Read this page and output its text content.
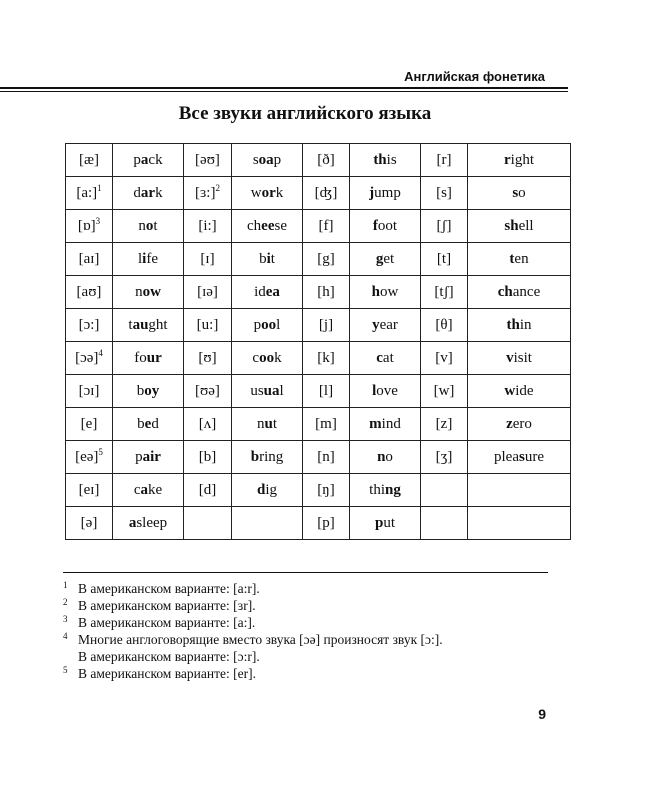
Английская фонетика
Все звуки английского языка
[æ]	pack	[əʊ]	soap	[ð]	this	[r]	right
[a:]$^1$	dark	[ɜ:]$^2$	work	[ʤ]	jump	[s]	so
[ɒ]$^3$	not	[i:]	cheese	[f]	foot	[ʃ]	shell
[aɪ]	life	[ɪ]	bit	[g]	get	[t]	ten
[aʊ]	now	[ɪə]	idea	[h]	how	[tʃ]	chance
[ɔ:]	taught	[u:]	pool	[j]	year	[θ]	thin
[ɔə]$^4$	four	[ʊ]	cook	[k]	cat	[v]	visit
[ɔɪ]	boy	[ʊə]	usual	[l]	love	[w]	wide
[e]	bed	[ʌ]	nut	[m]	mind	[z]	zero
[eə]$^5$	pair	[b]	bring	[n]	no	[ʒ]	pleasure
[eɪ]	cake	[d]	dig	[ŋ]	thing		
[ə]	asleep			[p]	put		
1 В американском варианте: [a:r].
2 В американском варианте: [ɜr].
3 В американском варианте: [a:].
4 Многие англоговорящие вместо звука [ɔə] произносят звук [ɔ:].
В американском варианте: [ɔ:r].
5 В американском варианте: [er].
9
